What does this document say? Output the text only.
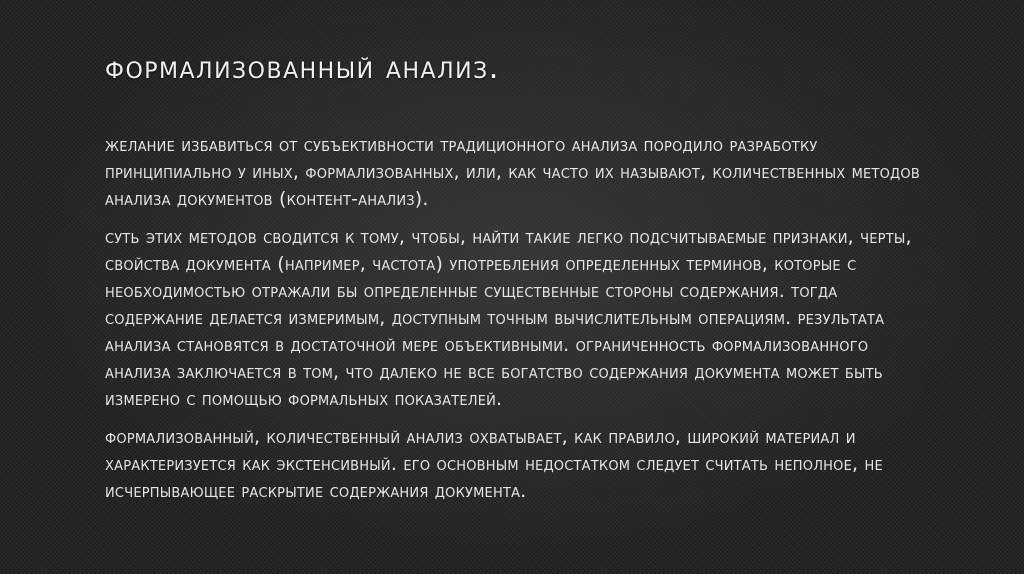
формализованный анализ.

желание избавиться от субъективности традиционного анализа породило разработку принципиально у иных, формализованных, или, как часто их называют, количественных методов анализа документов (контент-анализ).

суть этих методов сводится к тому, чтобы, найти такие легко подсчитываемые признаки, черты, свойства документа (например, частота) употребления определенных терминов, которые с необходимостью отражали бы определенные существенные стороны содержания. тогда содержание делается измеримым, доступным точным вычислительным операциям. результата анализа становятся в достаточной мере объективными. ограниченность формализованного анализа заключается в том, что далеко не все богатство содержания документа может быть измерено с помощью формальных показателей.

формализованный, количественный анализ охватывает, как правило, широкий материал и характеризуется как экстенсивный. его основным недостатком следует считать неполное, не исчерпывающее раскрытие содержания документа.
